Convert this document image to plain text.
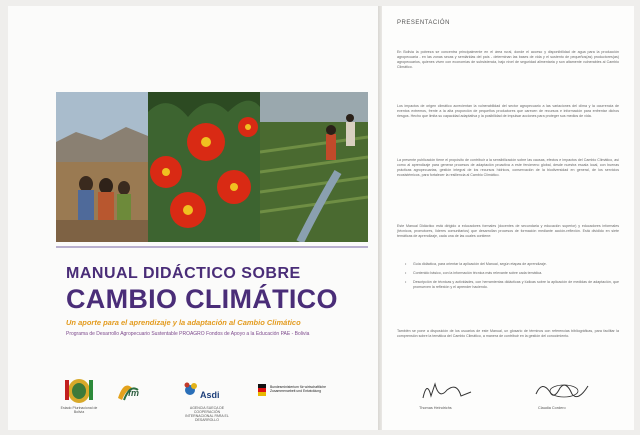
MANUAL DIDÁCTICO SOBRE
CAMBIO CLIMÁTICO
Un aporte para el aprendizaje y la adaptación al Cambio Climático
Programa de Desarrollo Agropecuario Sustentable PROAGRO Fondos de Apoyo a la Educación PAE - Bolivia
Estado Plurinacional de Bolivia
fm	Asdi
AGENCIA SUECA DE COOPERACIÓN INTERNACIONAL PARA EL DESARROLLO
Bundesministerium für wirtschaftliche Zusammenarbeit und Entwicklung
PRESENTACIÓN

En Bolivia la pobreza se concentra principalmente en el área rural, donde el acceso y disponibilidad de agua para la producción agropecuaria - en las zonas secas y semiáridas del país - determinan las bases de vida y el sustento de pequeños(as) productores(as) agropecuarios, quienes viven con economías de subsistencia, bajo nivel de seguridad alimentaria y son altamente vulnerables al Cambio Climático.

Los impactos de origen climático acrecientan la vulnerabilidad del sector agropecuario a las variaciones del clima y la ocurrencia de eventos extremos, frente a la alta proporción de pequeños productores que carecen de recursos e información para enfrentar dichos riesgos. Hecho que limita su capacidad adaptativa y la posibilidad de impulsar acciones para proteger sus medios de vida.

La presente publicación tiene el propósito de contribuir a la sensibilización sobre las causas, efectos e impactos del Cambio Climático, así como al aprendizaje para generar procesos de adaptación proactiva a este fenómeno global, desde nuestra escala local, con buenas prácticas agropecuarias, gestión integral de los recursos hídricos, conservación de la biodiversidad en general, de los servicios ecosistémicos, para fortalecer la resiliencia al Cambio Climático.

Este Manual Didáctico está dirigido a educadores formales (docentes de secundaria y educación superior) y educadores informales (técnicos, promotores, líderes comunitarios) que desarrollan procesos de formación mediante acción-reflexión. Está dividido en siete temáticas de aprendizaje, cada una de las cuales contiene:

• Guía didáctica, para orientar la aplicación del Manual, según etapas de aprendizaje.
• Contenido básico, con la información técnica más relevante sobre cada temática.
• Descripción de técnicas y actividades, con herramientas didácticas y lúdicas sobre la aplicación de medidas de adaptación, que promueven la reflexión y el aprender haciendo.

También se pone a disposición de los usuarios de este Manual, un glosario de términos con referencias bibliográficas, para facilitar la comprensión sobre la temática del Cambio Climático, a manera de contribuir en la gestión del conocimiento.

Thomas Heindrichs	Claudia Cordero
